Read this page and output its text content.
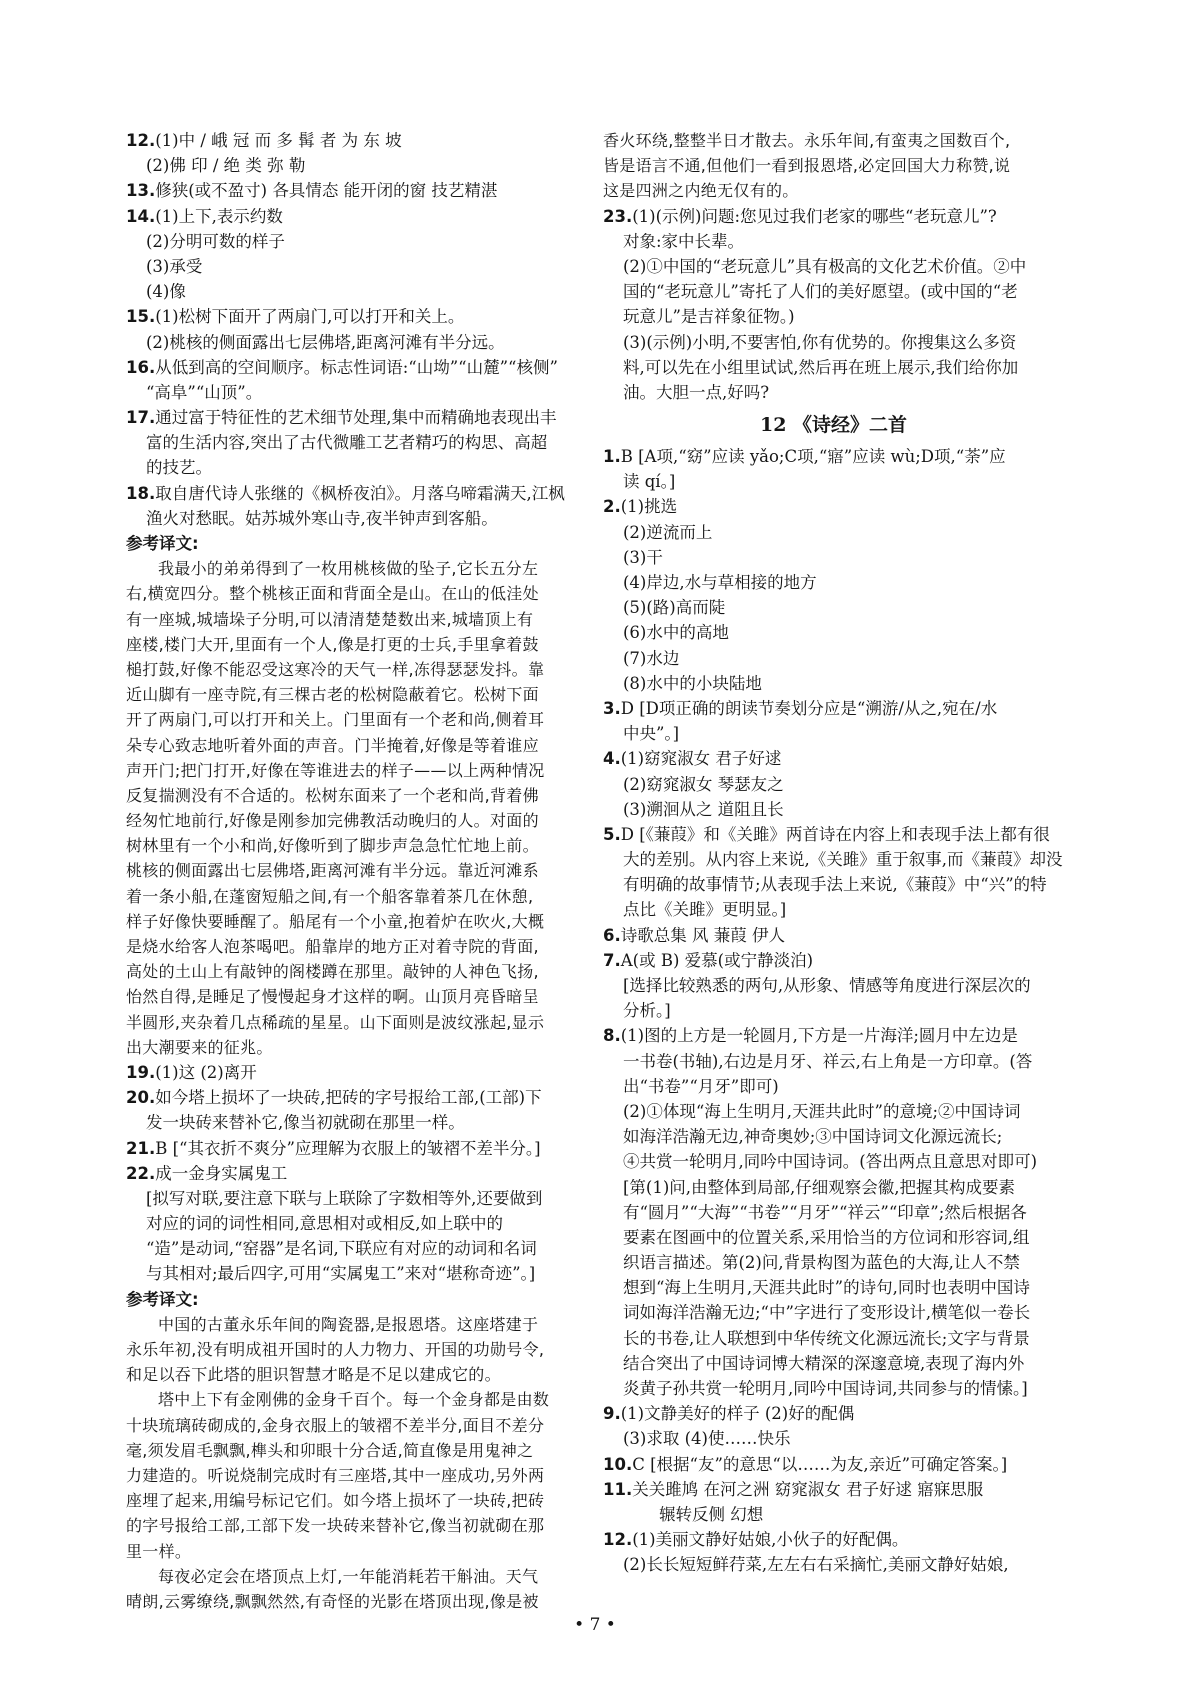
12.(1)中 / 峨 冠 而 多 髯 者 为 东 坡
(2)佛 印 / 绝 类 弥 勒
13.修狭(或不盈寸) 各具情态 能开闭的窗 技艺精湛
14.(1)上下,表示约数
(2)分明可数的样子
(3)承受
(4)像
15.(1)松树下面开了两扇门,可以打开和关上。
(2)桃核的侧面露出七层佛塔,距离河滩有半分远。
16.从低到高的空间顺序。标志性词语:“山坳”“山麓”“核侧”
“高阜”“山顶”。
17.通过富于特征性的艺术细节处理,集中而精确地表现出丰
富的生活内容,突出了古代微雕工艺者精巧的构思、高超
的技艺。
18.取自唐代诗人张继的《枫桥夜泊》。月落乌啼霜满天,江枫
渔火对愁眠。姑苏城外寒山寺,夜半钟声到客船。
参考译文:
我最小的弟弟得到了一枚用桃核做的坠子,它长五分左
右,横宽四分。整个桃核正面和背面全是山。在山的低洼处
有一座城,城墙垛子分明,可以清清楚楚数出来,城墙顶上有
座楼,楼门大开,里面有一个人,像是打更的士兵,手里拿着鼓
槌打鼓,好像不能忍受这寒冷的天气一样,冻得瑟瑟发抖。靠
近山脚有一座寺院,有三棵古老的松树隐蔽着它。松树下面
开了两扇门,可以打开和关上。门里面有一个老和尚,侧着耳
朵专心致志地听着外面的声音。门半掩着,好像是等着谁应
声开门;把门打开,好像在等谁进去的样子——以上两种情况
反复揣测没有不合适的。松树东面来了一个老和尚,背着佛
经匆忙地前行,好像是刚参加完佛教活动晚归的人。对面的
树林里有一个小和尚,好像听到了脚步声急急忙忙地上前。
桃核的侧面露出七层佛塔,距离河滩有半分远。靠近河滩系
着一条小船,在蓬窗短船之间,有一个船客靠着茶几在休憩,
样子好像快要睡醒了。船尾有一个小童,抱着炉在吹火,大概
是烧水给客人泡茶喝吧。船靠岸的地方正对着寺院的背面,
高处的土山上有敲钟的阁楼蹲在那里。敲钟的人神色飞扬,
怡然自得,是睡足了慢慢起身才这样的啊。山顶月亮昏暗呈
半圆形,夹杂着几点稀疏的星星。山下面则是波纹涨起,显示
出大潮要来的征兆。
19.(1)这 (2)离开
20.如今塔上损坏了一块砖,把砖的字号报给工部,(工部)下
发一块砖来替补它,像当初就砌在那里一样。
21.B [“其衣折不爽分”应理解为衣服上的皱褶不差半分。]
22.成一金身实属鬼工
[拟写对联,要注意下联与上联除了字数相等外,还要做到
对应的词的词性相同,意思相对或相反,如上联中的
“造”是动词,“窑器”是名词,下联应有对应的动词和名词
与其相对;最后四字,可用“实属鬼工”来对“堪称奇迹”。]
参考译文:
中国的古董永乐年间的陶瓷器,是报恩塔。这座塔建于
永乐年初,没有明成祖开国时的人力物力、开国的功勋号令,
和足以吞下此塔的胆识智慧才略是不足以建成它的。
塔中上下有金刚佛的金身千百个。每一个金身都是由数
十块琉璃砖砌成的,金身衣服上的皱褶不差半分,面目不差分
毫,须发眉毛飘飘,榫头和卯眼十分合适,简直像是用鬼神之
力建造的。听说烧制完成时有三座塔,其中一座成功,另外两
座埋了起来,用编号标记它们。如今塔上损坏了一块砖,把砖
的字号报给工部,工部下发一块砖来替补它,像当初就砌在那
里一样。
每夜必定会在塔顶点上灯,一年能消耗若干斛油。天气
晴朗,云雾缭绕,飘飘然然,有奇怪的光影在塔顶出现,像是被
香火环绕,整整半日才散去。永乐年间,有蛮夷之国数百个,
皆是语言不通,但他们一看到报恩塔,必定回国大力称赞,说
这是四洲之内绝无仅有的。
23.(1)(示例)问题:您见过我们老家的哪些“老玩意儿”?
对象:家中长辈。
(2)①中国的“老玩意儿”具有极高的文化艺术价值。②中
国的“老玩意儿”寄托了人们的美好愿望。(或中国的“老
玩意儿”是吉祥象征物。)
(3)(示例)小明,不要害怕,你有优势的。你搜集这么多资
料,可以先在小组里试试,然后再在班上展示,我们给你加
油。大胆一点,好吗?
12 《诗经》二首
1.B [A项,“窈”应读 yǎo;C项,“寤”应读 wù;D项,“荼”应
读 qí。]
2.(1)挑选
(2)逆流而上
(3)干
(4)岸边,水与草相接的地方
(5)(路)高而陡
(6)水中的高地
(7)水边
(8)水中的小块陆地
3.D [D项正确的朗读节奏划分应是“溯游/从之,宛在/水
中央”。]
4.(1)窈窕淑女 君子好逑
(2)窈窕淑女 琴瑟友之
(3)溯洄从之 道阻且长
5.D [《蒹葭》和《关雎》两首诗在内容上和表现手法上都有很
大的差别。从内容上来说,《关雎》重于叙事,而《蒹葭》却没
有明确的故事情节;从表现手法上来说,《蒹葭》中“兴”的特
点比《关雎》更明显。]
6.诗歌总集 风 蒹葭 伊人
7.A(或 B) 爱慕(或宁静淡泊)
[选择比较熟悉的两句,从形象、情感等角度进行深层次的
分析。]
8.(1)图的上方是一轮圆月,下方是一片海洋;圆月中左边是
一书卷(书轴),右边是月牙、祥云,右上角是一方印章。(答
出“书卷”“月牙”即可)
(2)①体现“海上生明月,天涯共此时”的意境;②中国诗词
如海洋浩瀚无边,神奇奥妙;③中国诗词文化源远流长;
④共赏一轮明月,同吟中国诗词。(答出两点且意思对即可)
[第(1)问,由整体到局部,仔细观察会徽,把握其构成要素
有“圆月”“大海”“书卷”“月牙”“祥云”“印章”;然后根据各
要素在图画中的位置关系,采用恰当的方位词和形容词,组
织语言描述。第(2)问,背景构图为蓝色的大海,让人不禁
想到“海上生明月,天涯共此时”的诗句,同时也表明中国诗
词如海洋浩瀚无边;“中”字进行了变形设计,横笔似一卷长
长的书卷,让人联想到中华传统文化源远流长;文字与背景
结合突出了中国诗词博大精深的深邃意境,表现了海内外
炎黄子孙共赏一轮明月,同吟中国诗词,共同参与的情愫。]
9.(1)文静美好的样子 (2)好的配偶
(3)求取 (4)使……快乐
10.C [根据“友”的意思“以……为友,亲近”可确定答案。]
11.关关雎鸠 在河之洲 窈窕淑女 君子好逑 寤寐思服
辗转反侧 幻想
12.(1)美丽文静好姑娘,小伙子的好配偶。
(2)长长短短鲜荇菜,左左右右采摘忙,美丽文静好姑娘,
• 7 •
